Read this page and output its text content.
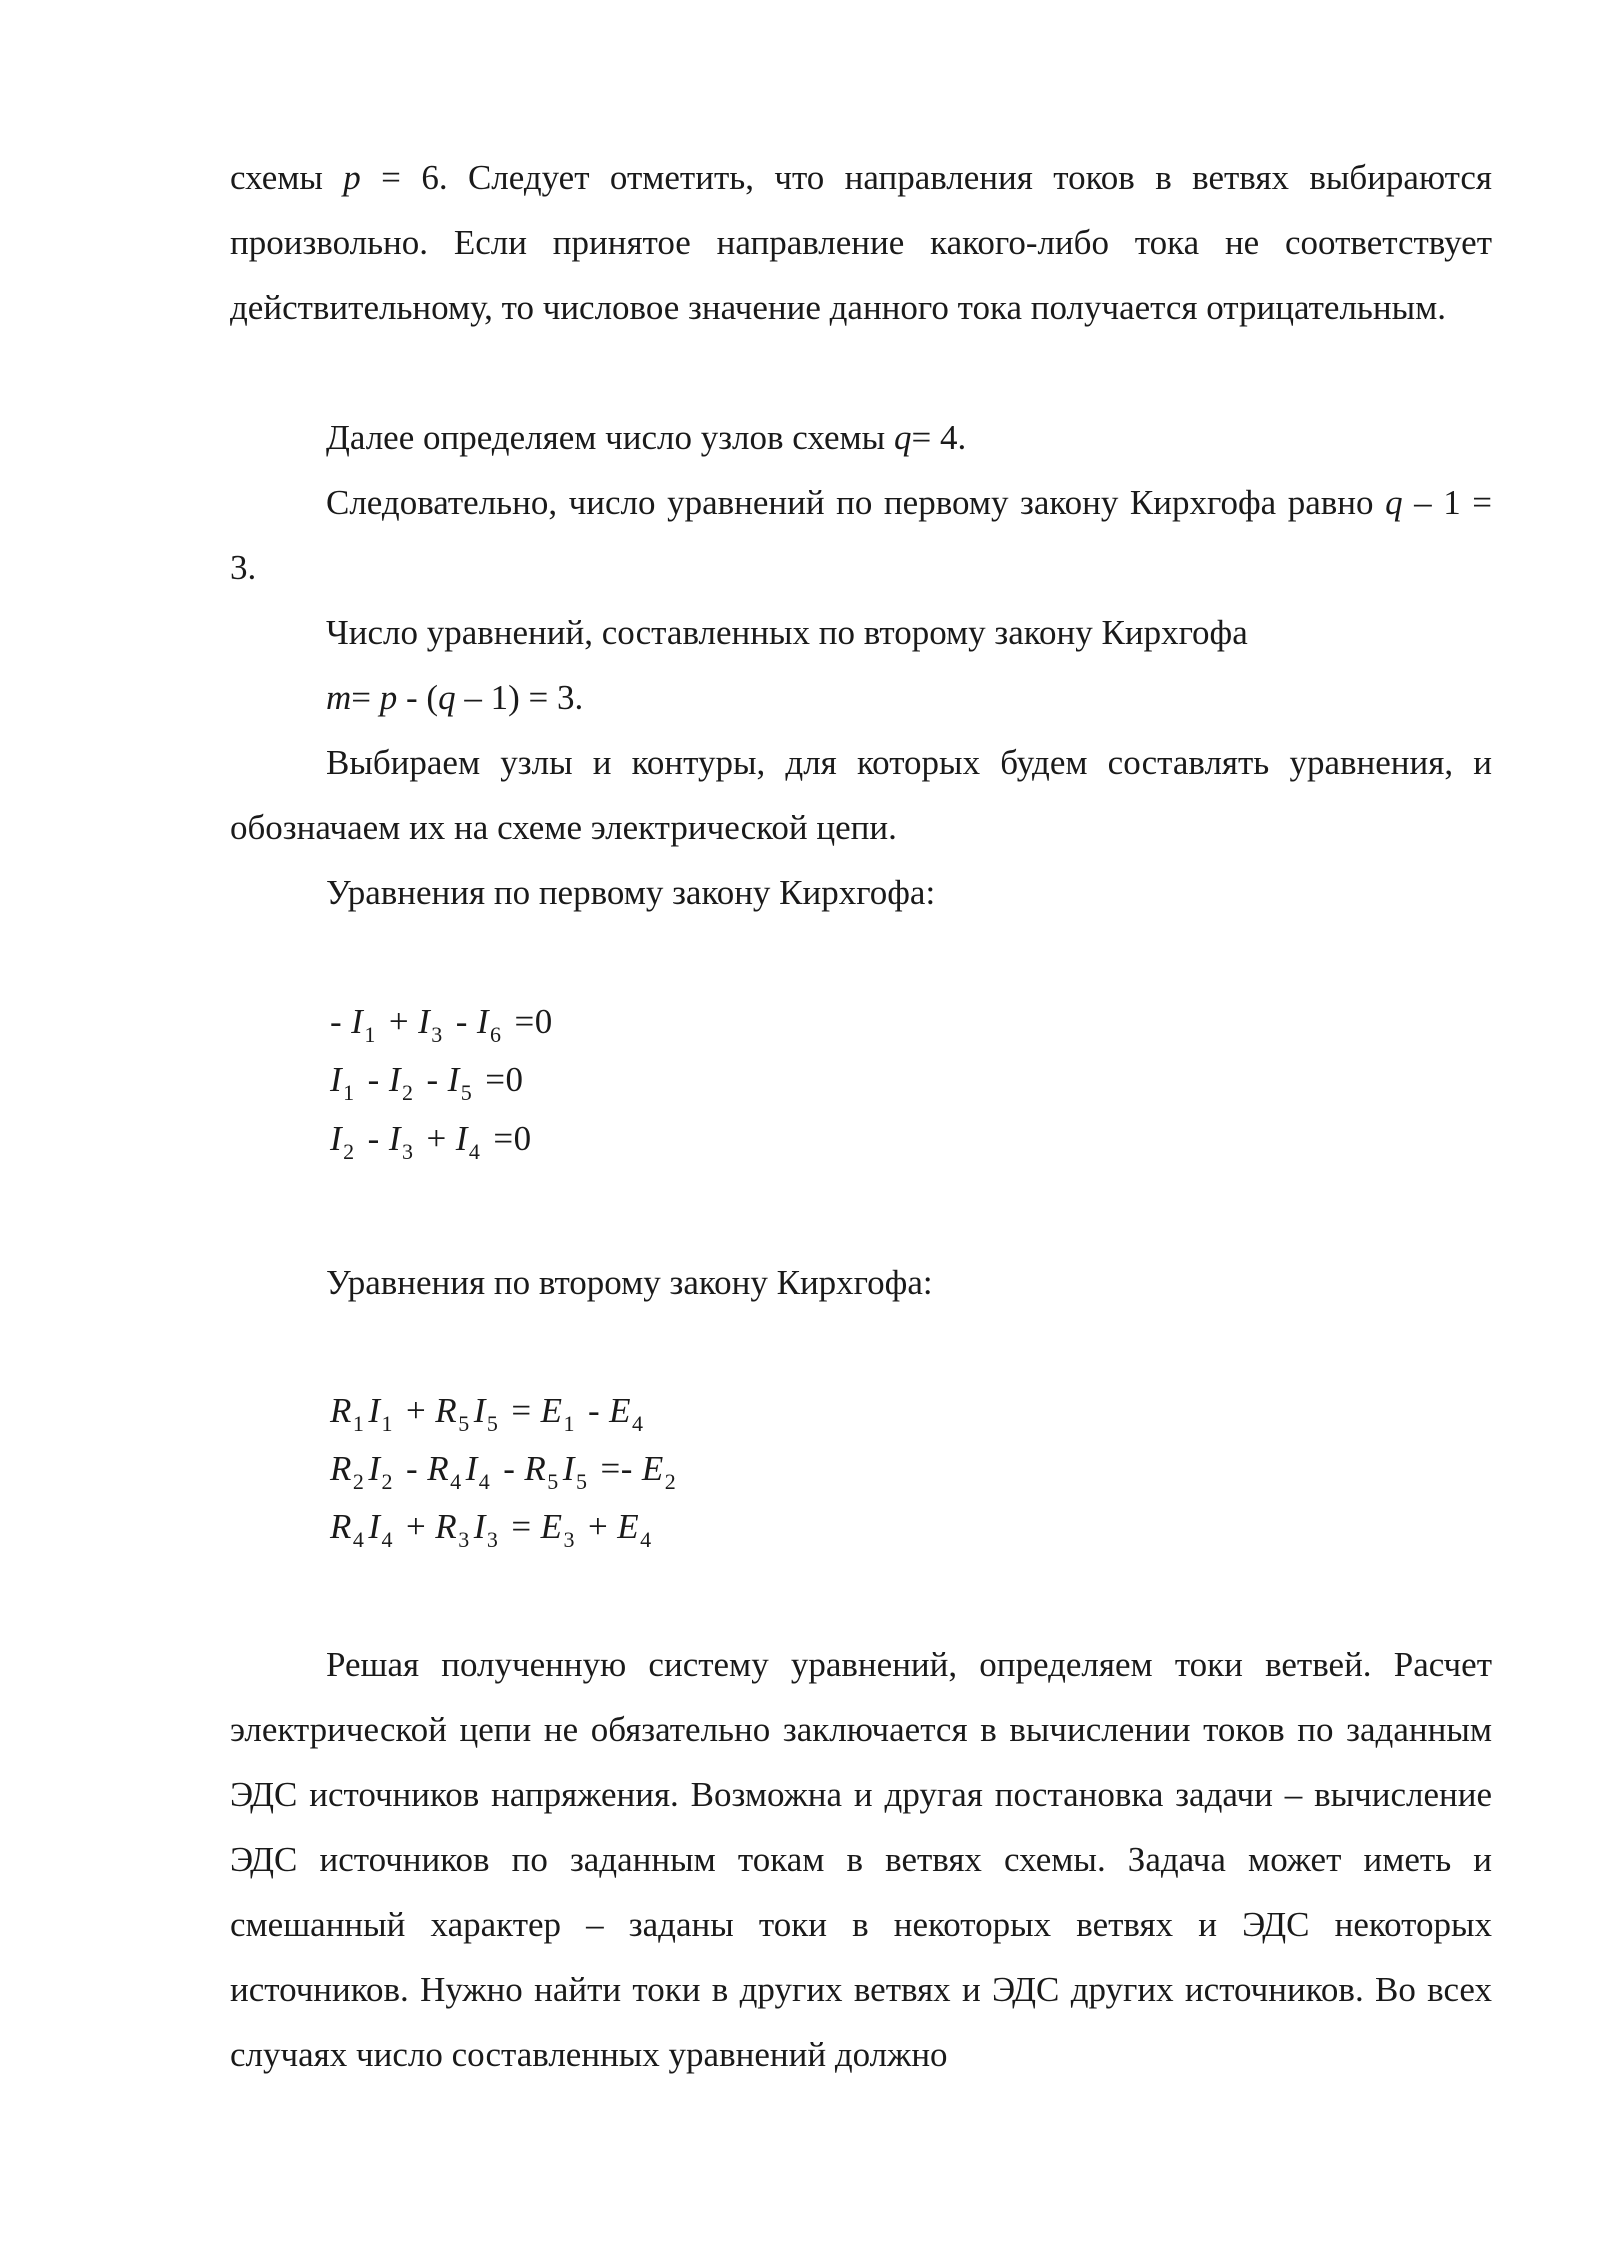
схемы p = 6. Следует отметить, что направления токов в ветвях выбираются произвольно. Если принятое направление какого-либо тока не соответствует действительному, то числовое значение данного тока получается отрицательным.

Далее определяем число узлов схемы q= 4.

Следовательно, число уравнений по первому закону Кирхгофа равно q – 1 = 3.

Число уравнений, составленных по второму закону Кирхгофа

m= p - (q – 1) = 3.

Выбираем узлы и контуры, для которых будем составлять уравнения, и обозначаем их на схеме электрической цепи.

Уравнения по первому закону Кирхгофа:

- $I_1 + I_3 - I_6 =0$
$I_1 - I_2 - I_5 =0$
$I_2 - I_3 + I_4 =0$

Уравнения по второму закону Кирхгофа:

$R_1$ $I_1 + R_5$ $I_5 = E_1 - E_4$
$R_2$ $I_2 - R_4$ $I_4 - R_5$ $I_5 =- E_2$
$R_4$ $I_4 + R_3$ $I_3 = E_3 + E_4$

Решая полученную систему уравнений, определяем токи ветвей. Расчет электрической цепи не обязательно заключается в вычислении токов по заданным ЭДС источников напряжения. Возможна и другая постановка задачи – вычисление ЭДС источников по заданным токам в ветвях схемы. Задача может иметь и смешанный характер – заданы токи в некоторых ветвях и ЭДС некоторых источников. Нужно найти токи в других ветвях и ЭДС других источников. Во всех случаях число составленных уравнений должно
